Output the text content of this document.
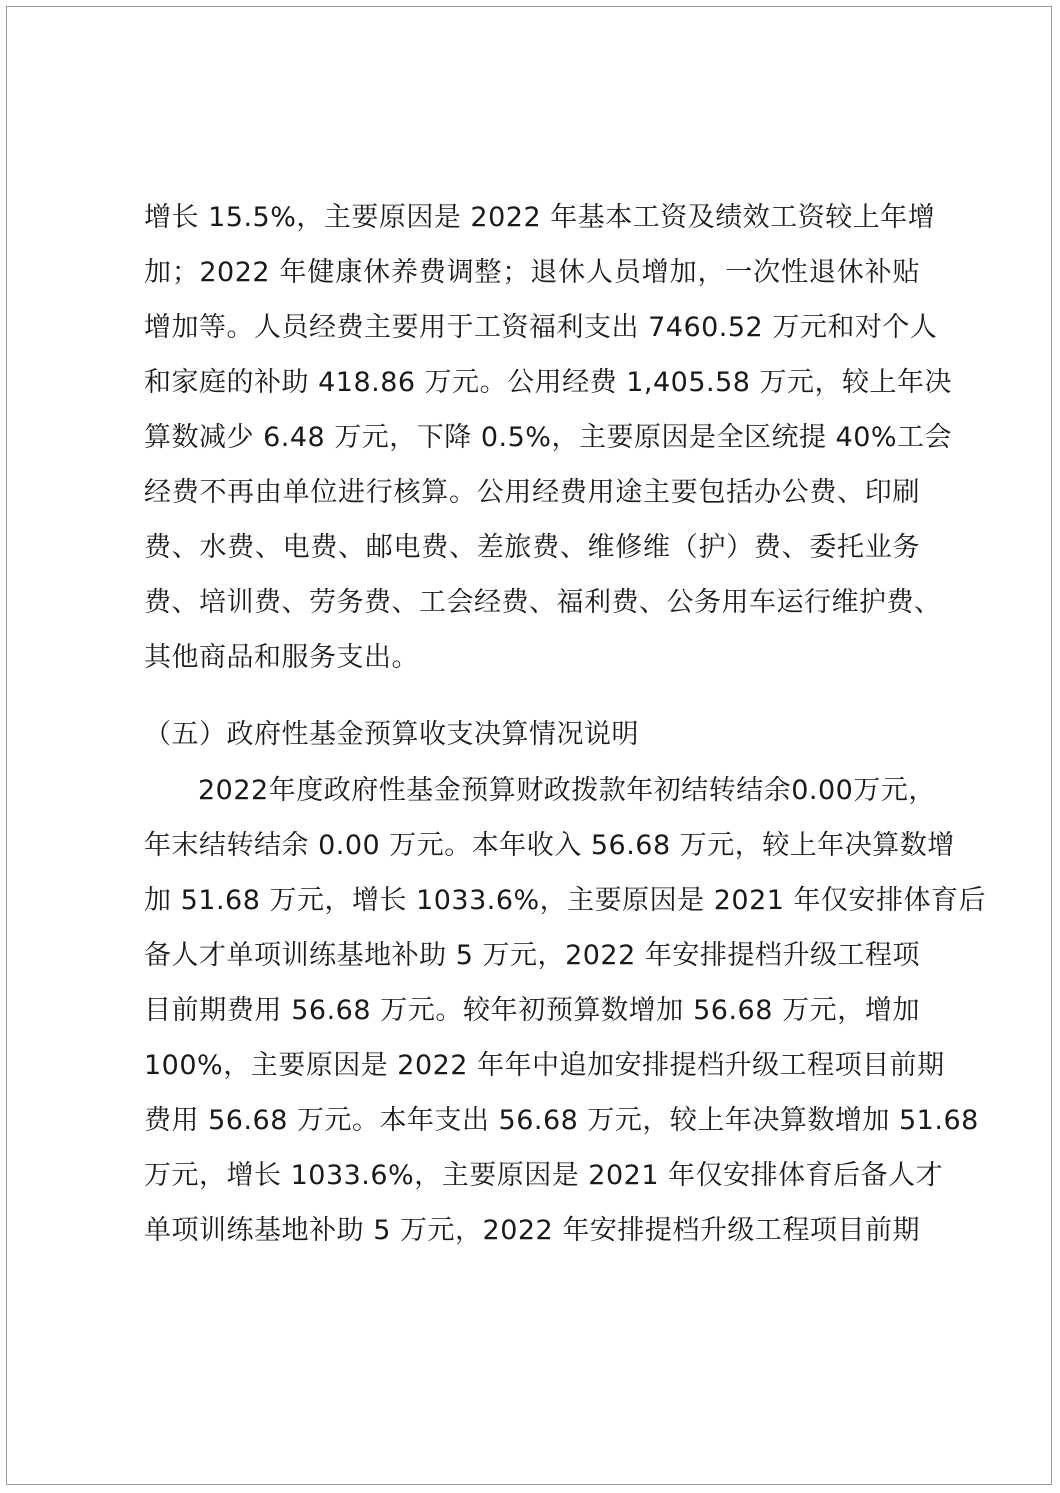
增长 15.5%，主要原因是 2022 年基本工资及绩效工资较上年增
加；2022 年健康休养费调整；退休人员增加，一次性退休补贴
增加等。人员经费主要用于工资福利支出 7460.52 万元和对个人
和家庭的补助 418.86 万元。公用经费 1,405.58 万元，较上年决
算数减少 6.48 万元，下降 0.5%，主要原因是全区统提 40%工会
经费不再由单位进行核算。公用经费用途主要包括办公费、印刷
费、水费、电费、邮电费、差旅费、维修维（护）费、委托业务
费、培训费、劳务费、工会经费、福利费、公务用车运行维护费、
其他商品和服务支出。
（五）政府性基金预算收支决算情况说明
2022年度政府性基金预算财政拨款年初结转结余0.00万元，
年末结转结余 0.00 万元。本年收入 56.68 万元，较上年决算数增
加 51.68 万元，增长 1033.6%，主要原因是 2021 年仅安排体育后
备人才单项训练基地补助 5 万元，2022 年安排提档升级工程项
目前期费用 56.68 万元。较年初预算数增加 56.68 万元，增加
100%，主要原因是 2022 年年中追加安排提档升级工程项目前期
费用 56.68 万元。本年支出 56.68 万元，较上年决算数增加 51.68
万元，增长 1033.6%，主要原因是 2021 年仅安排体育后备人才
单项训练基地补助 5 万元，2022 年安排提档升级工程项目前期
